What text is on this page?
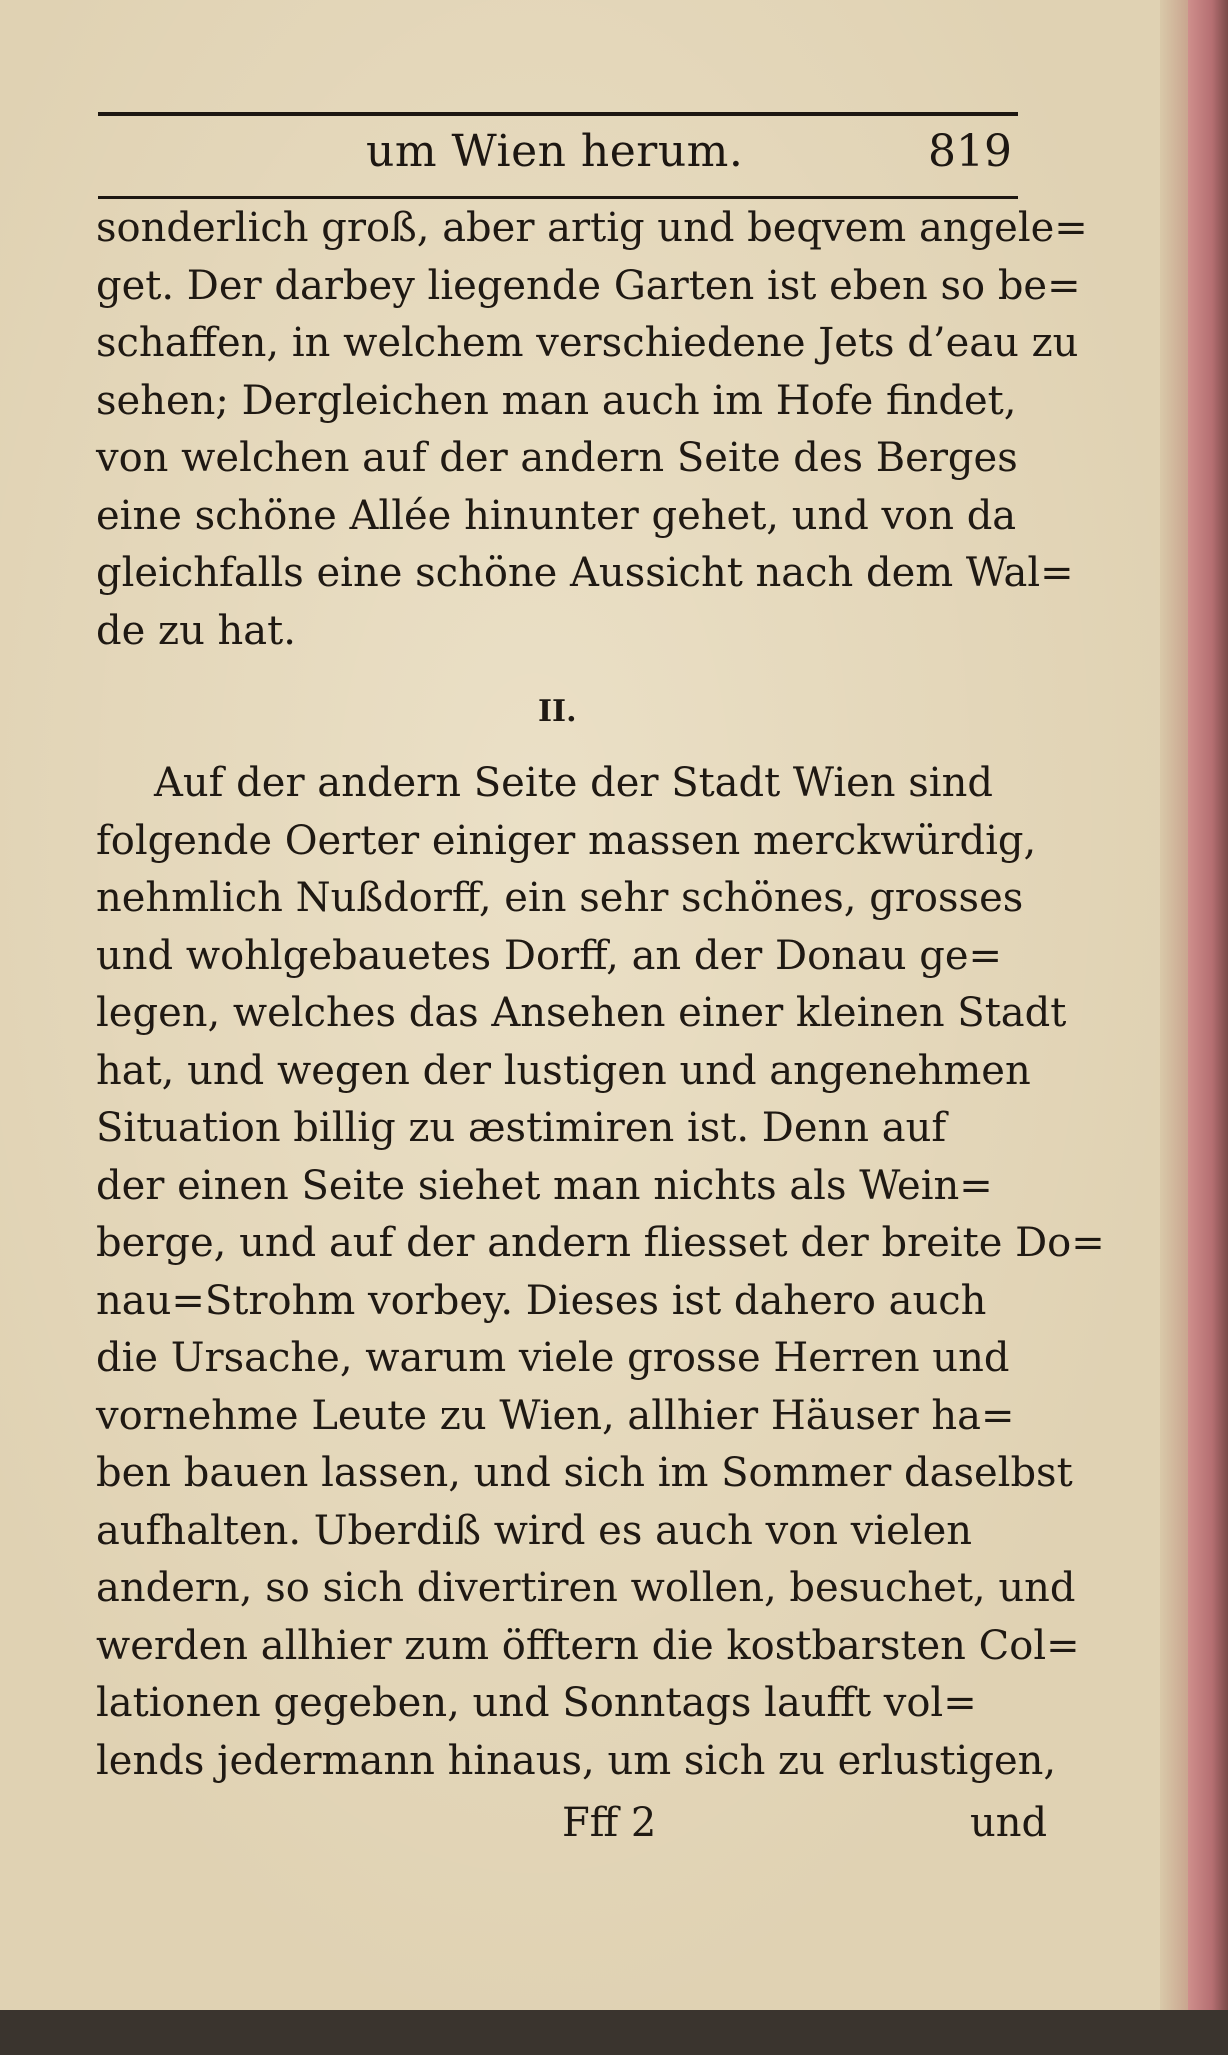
um Wien herum.	819
sonderlich groß, aber artig und beqvem angele=
get. Der darbey liegende Garten ist eben so be=
schaffen, in welchem verschiedene Jets d’eau zu
sehen; Dergleichen man auch im Hofe findet,
von welchen auf der andern Seite des Berges
eine schöne Allée hinunter gehet, und von da
gleichfalls eine schöne Aussicht nach dem Wal=
de zu hat.
II.
Auf der andern Seite der Stadt Wien sind
folgende Oerter einiger massen merckwürdig,
nehmlich Nußdorff, ein sehr schönes, grosses
und wohlgebauetes Dorff, an der Donau ge=
legen, welches das Ansehen einer kleinen Stadt
hat, und wegen der lustigen und angenehmen
Situation billig zu æstimiren ist. Denn auf
der einen Seite siehet man nichts als Wein=
berge, und auf der andern fliesset der breite Do=
nau=Strohm vorbey. Dieses ist dahero auch
die Ursache, warum viele grosse Herren und
vornehme Leute zu Wien, allhier Häuser ha=
ben bauen lassen, und sich im Sommer daselbst
aufhalten. Uberdiß wird es auch von vielen
andern, so sich divertiren wollen, besuchet, und
werden allhier zum öfftern die kostbarsten Col=
lationen gegeben, und Sonntags laufft vol=
lends jedermann hinaus, um sich zu erlustigen,
Fff 2	und
